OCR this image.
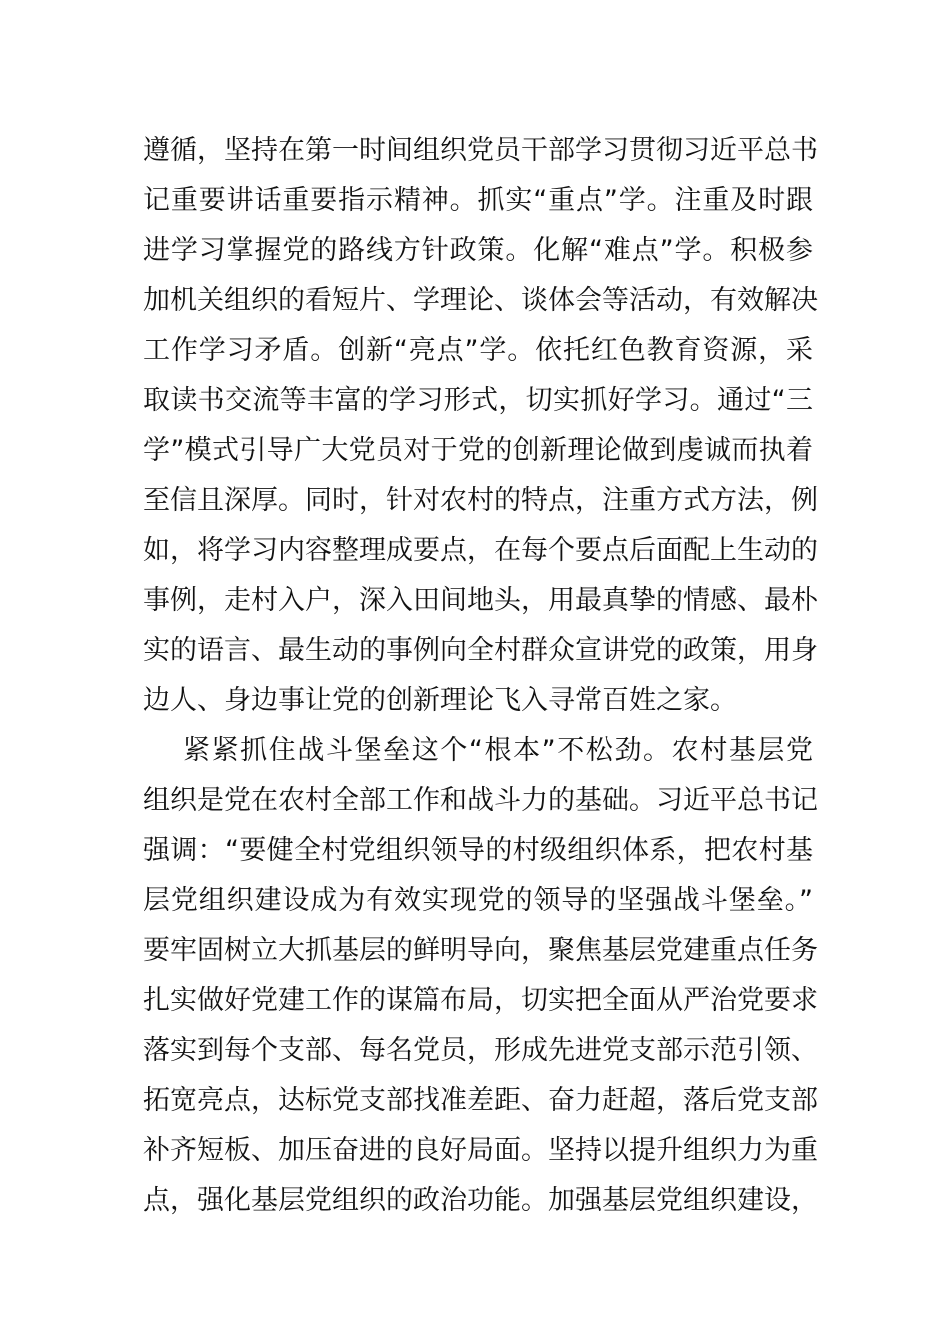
遵循，坚持在第一时间组织党员干部学习贯彻习近平总书
记重要讲话重要指示精神。抓实“重点”学。注重及时跟
进学习掌握党的路线方针政策。化解“难点”学。积极参
加机关组织的看短片、学理论、谈体会等活动，有效解决
工作学习矛盾。创新“亮点”学。依托红色教育资源，采
取读书交流等丰富的学习形式，切实抓好学习。通过“三
学”模式引导广大党员对于党的创新理论做到虔诚而执着
至信且深厚。同时，针对农村的特点，注重方式方法，例
如，将学习内容整理成要点，在每个要点后面配上生动的
事例，走村入户，深入田间地头，用最真挚的情感、最朴
实的语言、最生动的事例向全村群众宣讲党的政策，用身
边人、身边事让党的创新理论飞入寻常百姓之家。
紧紧抓住战斗堡垒这个“根本”不松劲。农村基层党
组织是党在农村全部工作和战斗力的基础。习近平总书记
强调：“要健全村党组织领导的村级组织体系，把农村基
层党组织建设成为有效实现党的领导的坚强战斗堡垒。”
要牢固树立大抓基层的鲜明导向，聚焦基层党建重点任务
扎实做好党建工作的谋篇布局，切实把全面从严治党要求
落实到每个支部、每名党员，形成先进党支部示范引领、
拓宽亮点，达标党支部找准差距、奋力赶超，落后党支部
补齐短板、加压奋进的良好局面。坚持以提升组织力为重
点，强化基层党组织的政治功能。加强基层党组织建设，
